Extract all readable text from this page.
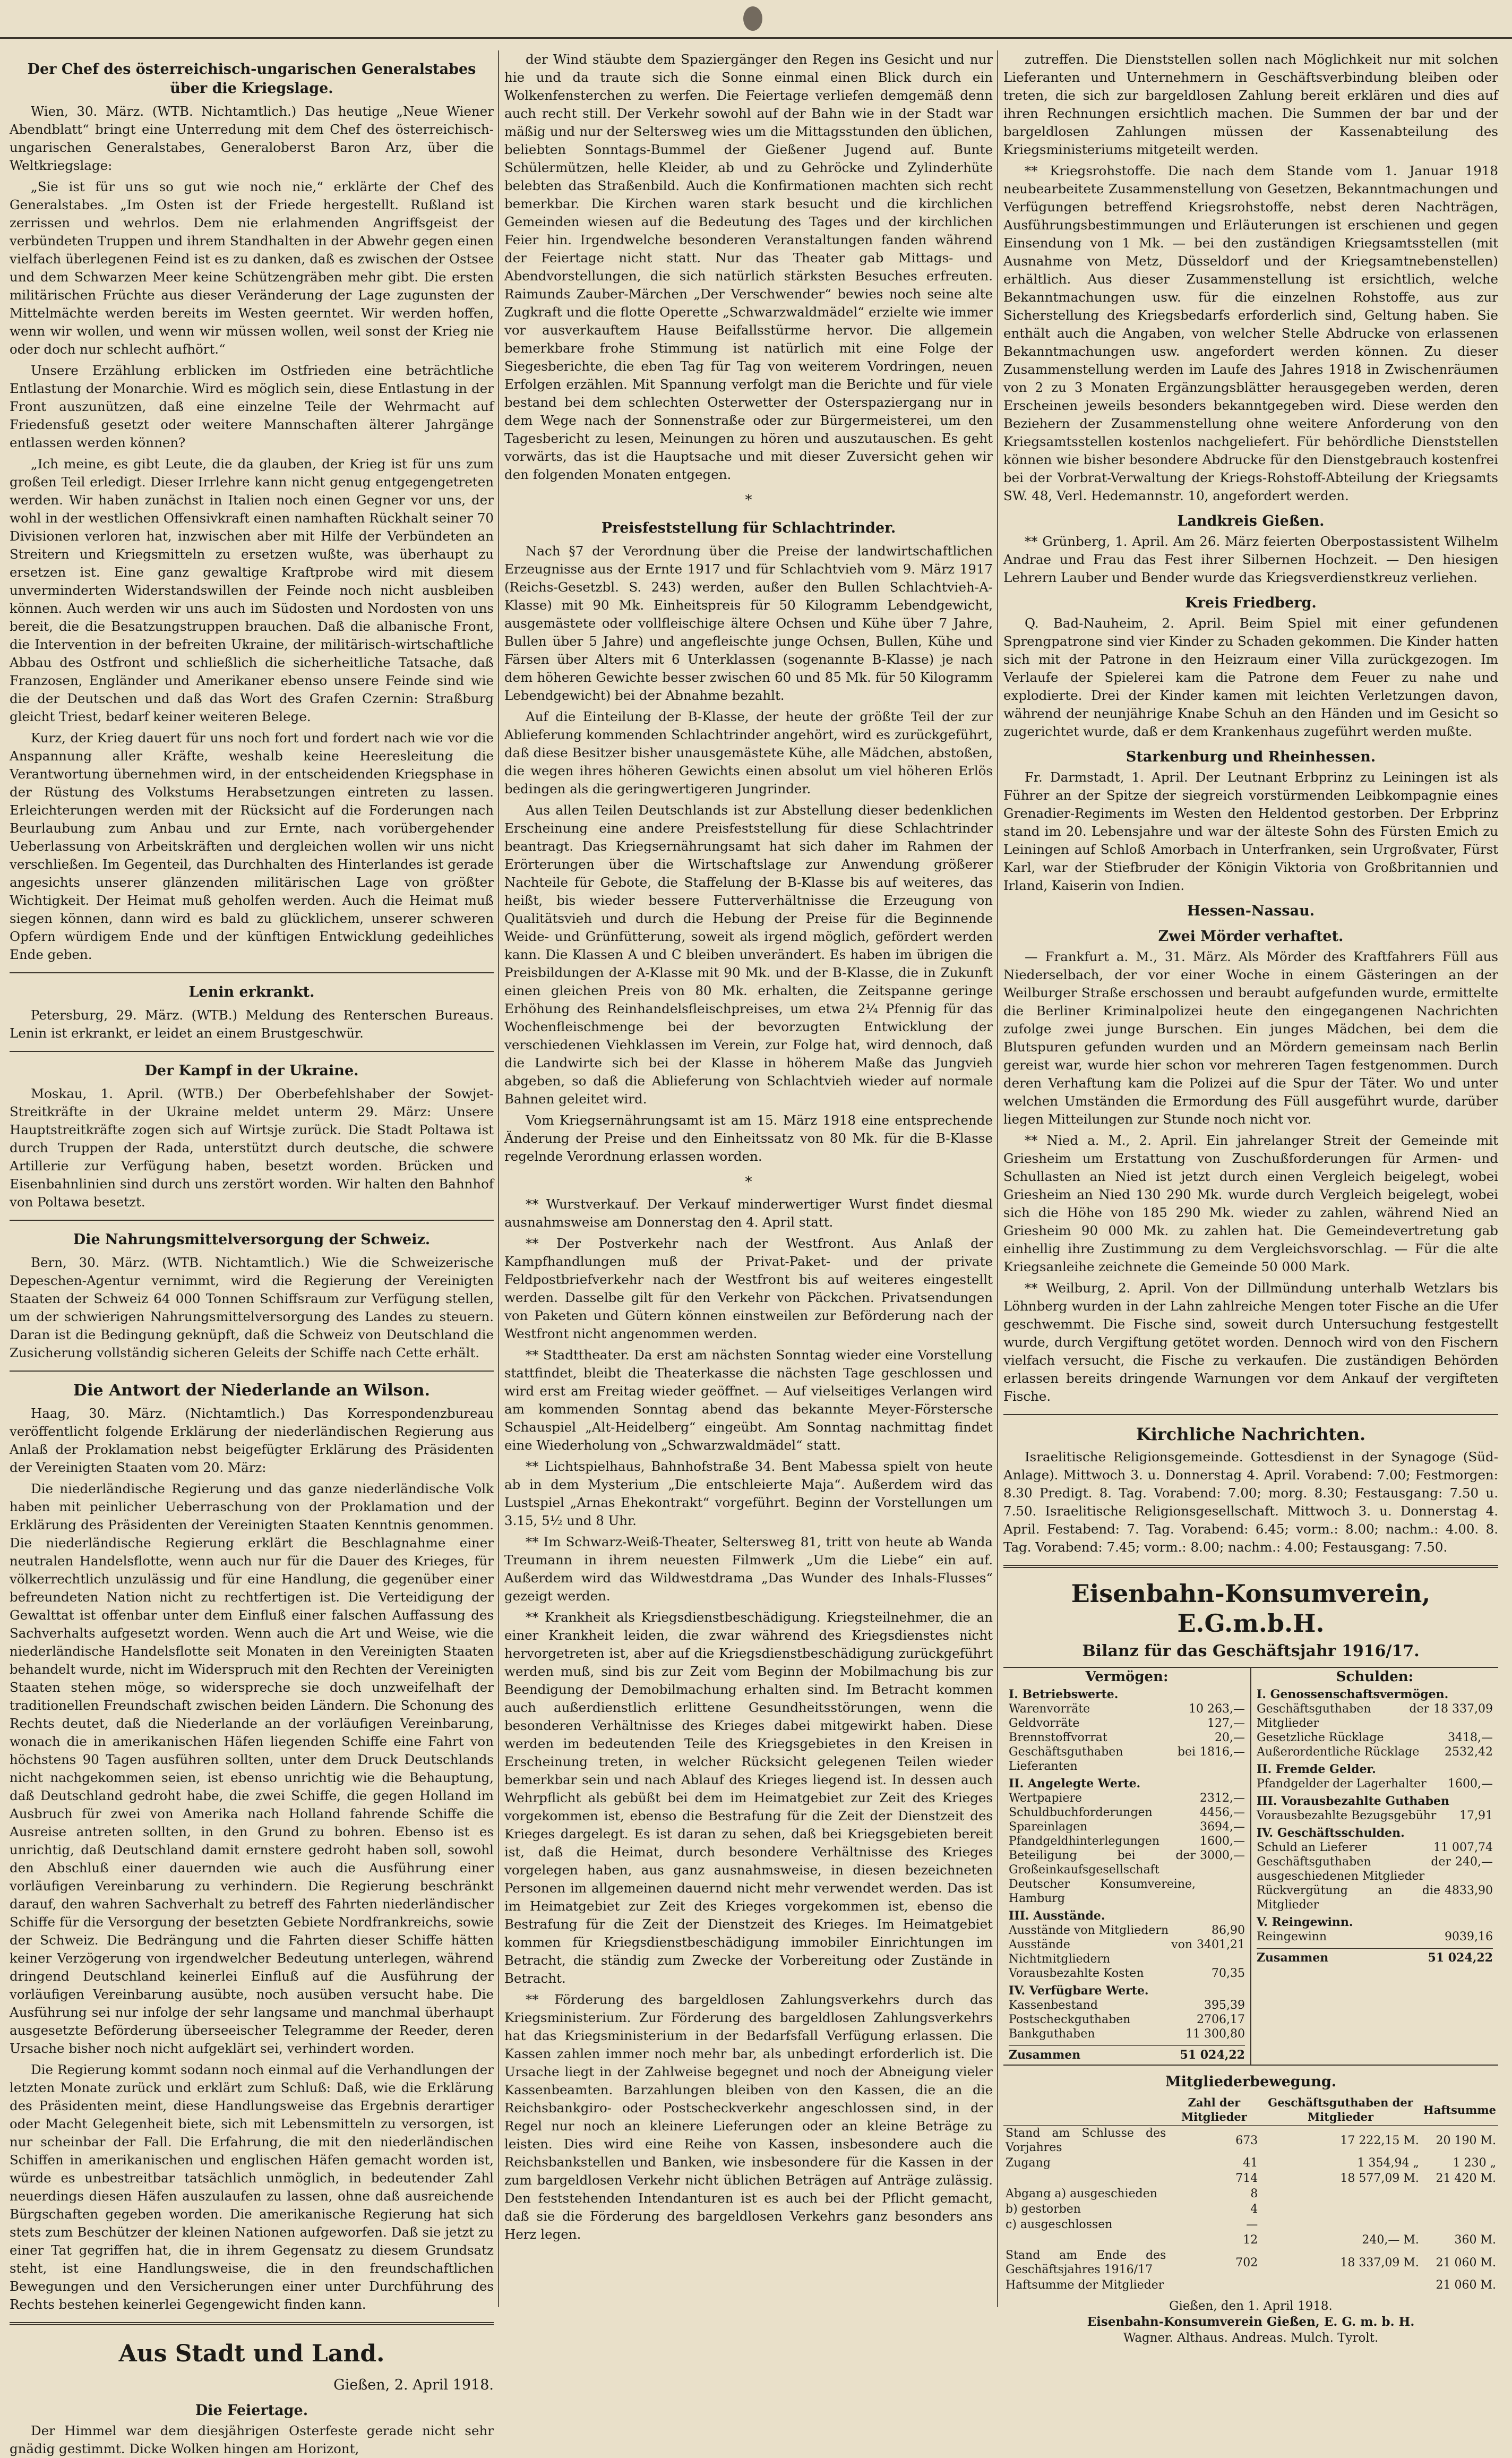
Der Chef des österreichisch-ungarischen Generalstabes über die Kriegslage.

Wien, 30. März. (WTB. Nichtamtlich.) Das heutige „Neue Wiener Abendblatt“ bringt eine Unterredung mit dem Chef des österreichisch-ungarischen Generalstabes, Generaloberst Baron Arz, über die Weltkriegslage:

„Sie ist für uns so gut wie noch nie,“ erklärte der Chef des Generalstabes. „Im Osten ist der Friede hergestellt. Rußland ist zerrissen und wehrlos. Dem nie erlahmenden Angriffsgeist der verbündeten Truppen und ihrem Standhalten in der Abwehr gegen einen vielfach überlegenen Feind ist es zu danken, daß es zwischen der Ostsee und dem Schwarzen Meer keine Schützengräben mehr gibt. Die ersten militärischen Früchte aus dieser Veränderung der Lage zugunsten der Mittelmächte werden bereits im Westen geerntet. Wir werden hoffen, wenn wir wollen, und wenn wir müssen wollen, weil sonst der Krieg nie oder doch nur schlecht aufhört.“

Unsere Erzählung erblicken im Ostfrieden eine beträchtliche Entlastung der Monarchie. Wird es möglich sein, diese Entlastung in der Front auszunützen, daß eine einzelne Teile der Wehrmacht auf Friedensfuß gesetzt oder weitere Mannschaften älterer Jahrgänge entlassen werden können?

„Ich meine, es gibt Leute, die da glauben, der Krieg ist für uns zum großen Teil erledigt. Dieser Irrlehre kann nicht genug entgegengetreten werden. Wir haben zunächst in Italien noch einen Gegner vor uns, der wohl in der westlichen Offensivkraft einen namhaften Rückhalt seiner 70 Divisionen verloren hat, inzwischen aber mit Hilfe der Verbündeten an Streitern und Kriegsmitteln zu ersetzen wußte, was überhaupt zu ersetzen ist. Eine ganz gewaltige Kraftprobe wird mit diesem unverminderten Widerstandswillen der Feinde noch nicht ausbleiben können. Auch werden wir uns auch im Südosten und Nordosten von uns bereit, die die Besatzungstruppen brauchen. Daß die albanische Front, die Intervention in der befreiten Ukraine, der militärisch-wirtschaftliche Abbau des Ostfront und schließlich die sicherheitliche Tatsache, daß Franzosen, Engländer und Amerikaner ebenso unsere Feinde sind wie die der Deutschen und daß das Wort des Grafen Czernin: Straßburg gleicht Triest, bedarf keiner weiteren Belege.

Kurz, der Krieg dauert für uns noch fort und fordert nach wie vor die Anspannung aller Kräfte, weshalb keine Heeresleitung die Verantwortung übernehmen wird, in der entscheidenden Kriegsphase in der Rüstung des Volkstums Herabsetzungen eintreten zu lassen. Erleichterungen werden mit der Rücksicht auf die Forderungen nach Beurlaubung zum Anbau und zur Ernte, nach vorübergehender Ueberlassung von Arbeitskräften und dergleichen wollen wir uns nicht verschließen. Im Gegenteil, das Durchhalten des Hinterlandes ist gerade angesichts unserer glänzenden militärischen Lage von größter Wichtigkeit. Der Heimat muß geholfen werden. Auch die Heimat muß siegen können, dann wird es bald zu glücklichem, unserer schweren Opfern würdigem Ende und der künftigen Entwicklung gedeihliches Ende geben.

Lenin erkrankt.

Petersburg, 29. März. (WTB.) Meldung des Renterschen Bureaus. Lenin ist erkrankt, er leidet an einem Brustgeschwür.

Der Kampf in der Ukraine.

Moskau, 1. April. (WTB.) Der Oberbefehlshaber der Sowjet-Streitkräfte in der Ukraine meldet unterm 29. März: Unsere Hauptstreitkräfte zogen sich auf Wirtsje zurück. Die Stadt Poltawa ist durch Truppen der Rada, unterstützt durch deutsche, die schwere Artillerie zur Verfügung haben, besetzt worden. Brücken und Eisenbahnlinien sind durch uns zerstört worden. Wir halten den Bahnhof von Poltawa besetzt.

Die Nahrungsmittelversorgung der Schweiz.

Bern, 30. März. (WTB. Nichtamtlich.) Wie die Schweizerische Depeschen-Agentur vernimmt, wird die Regierung der Vereinigten Staaten der Schweiz 64 000 Tonnen Schiffsraum zur Verfügung stellen, um der schwierigen Nahrungsmittelversorgung des Landes zu steuern. Daran ist die Bedingung geknüpft, daß die Schweiz von Deutschland die Zusicherung vollständig sicheren Geleits der Schiffe nach Cette erhält.

Die Antwort der Niederlande an Wilson.

Haag, 30. März. (Nichtamtlich.) Das Korrespondenzbureau veröffentlicht folgende Erklärung der niederländischen Regierung aus Anlaß der Proklamation nebst beigefügter Erklärung des Präsidenten der Vereinigten Staaten vom 20. März:

Die niederländische Regierung und das ganze niederländische Volk haben mit peinlicher Ueberraschung von der Proklamation und der Erklärung des Präsidenten der Vereinigten Staaten Kenntnis genommen. Die niederländische Regierung erklärt die Beschlagnahme einer neutralen Handelsflotte, wenn auch nur für die Dauer des Krieges, für völkerrechtlich unzulässig und für eine Handlung, die gegenüber einer befreundeten Nation nicht zu rechtfertigen ist. Die Verteidigung der Gewalttat ist offenbar unter dem Einfluß einer falschen Auffassung des Sachverhalts aufgesetzt worden. Wenn auch die Art und Weise, wie die niederländische Handelsflotte seit Monaten in den Vereinigten Staaten behandelt wurde, nicht im Widerspruch mit den Rechten der Vereinigten Staaten stehen möge, so widerspreche sie doch unzweifelhaft der traditionellen Freundschaft zwischen beiden Ländern. Die Schonung des Rechts deutet, daß die Niederlande an der vorläufigen Vereinbarung, wonach die in amerikanischen Häfen liegenden Schiffe eine Fahrt von höchstens 90 Tagen ausführen sollten, unter dem Druck Deutschlands nicht nachgekommen seien, ist ebenso unrichtig wie die Behauptung, daß Deutschland gedroht habe, die zwei Schiffe, die gegen Holland im Ausbruch für zwei von Amerika nach Holland fahrende Schiffe die Ausreise antreten sollten, in den Grund zu bohren. Ebenso ist es unrichtig, daß Deutschland damit ernstere gedroht haben soll, sowohl den Abschluß einer dauernden wie auch die Ausführung einer vorläufigen Vereinbarung zu verhindern. Die Regierung beschränkt darauf, den wahren Sachverhalt zu betreff des Fahrten niederländischer Schiffe für die Versorgung der besetzten Gebiete Nordfrankreichs, sowie der Schweiz. Die Bedrängung und die Fahrten dieser Schiffe hätten keiner Verzögerung von irgendwelcher Bedeutung unterlegen, während dringend Deutschland keinerlei Einfluß auf die Ausführung der vorläufigen Vereinbarung ausübte, noch ausüben versucht habe. Die Ausführung sei nur infolge der sehr langsame und manchmal überhaupt ausgesetzte Beförderung überseeischer Telegramme der Reeder, deren Ursache bisher noch nicht aufgeklärt sei, verhindert worden.

Die Regierung kommt sodann noch einmal auf die Verhandlungen der letzten Monate zurück und erklärt zum Schluß: Daß, wie die Erklärung des Präsidenten meint, diese Handlungsweise das Ergebnis derartiger oder Macht Gelegenheit biete, sich mit Lebensmitteln zu versorgen, ist nur scheinbar der Fall. Die Erfahrung, die mit den niederländischen Schiffen in amerikanischen und englischen Häfen gemacht worden ist, würde es unbestreitbar tatsächlich unmöglich, in bedeutender Zahl neuerdings diesen Häfen auszulaufen zu lassen, ohne daß ausreichende Bürgschaften gegeben worden. Die amerikanische Regierung hat sich stets zum Beschützer der kleinen Nationen aufgeworfen. Daß sie jetzt zu einer Tat gegriffen hat, die in ihrem Gegensatz zu diesem Grundsatz steht, ist eine Handlungsweise, die in den freundschaftlichen Bewegungen und den Versicherungen einer unter Durchführung des Rechts bestehen keinerlei Gegengewicht finden kann.

Aus Stadt und Land.
Gießen, 2. April 1918.
Die Feiertage.

Der Himmel war dem diesjährigen Osterfeste gerade nicht sehr gnädig gestimmt. Dicke Wolken hingen am Horizont,

der Wind stäubte dem Spaziergänger den Regen ins Gesicht und nur hie und da traute sich die Sonne einmal einen Blick durch ein Wolkenfensterchen zu werfen. Die Feiertage verliefen demgemäß denn auch recht still. Der Verkehr sowohl auf der Bahn wie in der Stadt war mäßig und nur der Seltersweg wies um die Mittagsstunden den üblichen, beliebten Sonntags-Bummel der Gießener Jugend auf. Bunte Schülermützen, helle Kleider, ab und zu Gehröcke und Zylinderhüte belebten das Straßenbild. Auch die Konfirmationen machten sich recht bemerkbar. Die Kirchen waren stark besucht und die kirchlichen Gemeinden wiesen auf die Bedeutung des Tages und der kirchlichen Feier hin. Irgendwelche besonderen Veranstaltungen fanden während der Feiertage nicht statt. Nur das Theater gab Mittags- und Abendvorstellungen, die sich natürlich stärksten Besuches erfreuten. Raimunds Zauber-Märchen „Der Verschwender“ bewies noch seine alte Zugkraft und die flotte Operette „Schwarzwaldmädel“ erzielte wie immer vor ausverkauftem Hause Beifallsstürme hervor. Die allgemein bemerkbare frohe Stimmung ist natürlich mit eine Folge der Siegesberichte, die eben Tag für Tag von weiterem Vordringen, neuen Erfolgen erzählen. Mit Spannung verfolgt man die Berichte und für viele bestand bei dem schlechten Osterwetter der Osterspaziergang nur in dem Wege nach der Sonnenstraße oder zur Bürgermeisterei, um den Tagesbericht zu lesen, Meinungen zu hören und auszutauschen. Es geht vorwärts, das ist die Hauptsache und mit dieser Zuversicht gehen wir den folgenden Monaten entgegen.

*
Preisfeststellung für Schlachtrinder.

Nach §7 der Verordnung über die Preise der landwirtschaftlichen Erzeugnisse aus der Ernte 1917 und für Schlachtvieh vom 9. März 1917 (Reichs-Gesetzbl. S. 243) werden, außer den Bullen Schlachtvieh-A-Klasse) mit 90 Mk. Einheitspreis für 50 Kilogramm Lebendgewicht, ausgemästete oder vollfleischige ältere Ochsen und Kühe über 7 Jahre, Bullen über 5 Jahre) und angefleischte junge Ochsen, Bullen, Kühe und Färsen über Alters mit 6 Unterklassen (sogenannte B-Klasse) je nach dem höheren Gewichte besser zwischen 60 und 85 Mk. für 50 Kilogramm Lebendgewicht) bei der Abnahme bezahlt.

Auf die Einteilung der B-Klasse, der heute der größte Teil der zur Ablieferung kommenden Schlachtrinder angehört, wird es zurückgeführt, daß diese Besitzer bisher unausgemästete Kühe, alle Mädchen, abstoßen, die wegen ihres höheren Gewichts einen absolut um viel höheren Erlös bedingen als die geringwertigeren Jungrinder.

Aus allen Teilen Deutschlands ist zur Abstellung dieser bedenklichen Erscheinung eine andere Preisfeststellung für diese Schlachtrinder beantragt. Das Kriegsernährungsamt hat sich daher im Rahmen der Erörterungen über die Wirtschaftslage zur Anwendung größerer Nachteile für Gebote, die Staffelung der B-Klasse bis auf weiteres, das heißt, bis wieder bessere Futterverhältnisse die Erzeugung von Qualitätsvieh und durch die Hebung der Preise für die Beginnende Weide- und Grünfütterung, soweit als irgend möglich, gefördert werden kann. Die Klassen A und C bleiben unverändert. Es haben im übrigen die Preisbildungen der A-Klasse mit 90 Mk. und der B-Klasse, die in Zukunft einen gleichen Preis von 80 Mk. erhalten, die Zeitspanne geringe Erhöhung des Reinhandelsfleischpreises, um etwa 2¼ Pfennig für das Wochenfleischmenge bei der bevorzugten Entwicklung der verschiedenen Viehklassen im Verein, zur Folge hat, wird dennoch, daß die Landwirte sich bei der Klasse in höherem Maße das Jungvieh abgeben, so daß die Ablieferung von Schlachtvieh wieder auf normale Bahnen geleitet wird.

Vom Kriegsernährungsamt ist am 15. März 1918 eine entsprechende Änderung der Preise und den Einheitssatz von 80 Mk. für die B-Klasse regelnde Verordnung erlassen worden.

*

** Wurstverkauf. Der Verkauf minderwertiger Wurst findet diesmal ausnahmsweise am Donnerstag den 4. April statt.

** Der Postverkehr nach der Westfront. Aus Anlaß der Kampfhandlungen muß der Privat-Paket- und der private Feldpostbriefverkehr nach der Westfront bis auf weiteres eingestellt werden. Dasselbe gilt für den Verkehr von Päckchen. Privatsendungen von Paketen und Gütern können einstweilen zur Beförderung nach der Westfront nicht angenommen werden.

** Stadttheater. Da erst am nächsten Sonntag wieder eine Vorstellung stattfindet, bleibt die Theaterkasse die nächsten Tage geschlossen und wird erst am Freitag wieder geöffnet. — Auf vielseitiges Verlangen wird am kommenden Sonntag abend das bekannte Meyer-Förstersche Schauspiel „Alt-Heidelberg“ eingeübt. Am Sonntag nachmittag findet eine Wiederholung von „Schwarzwaldmädel“ statt.

** Lichtspielhaus, Bahnhofstraße 34. Bent Mabessa spielt von heute ab in dem Mysterium „Die entschleierte Maja“. Außerdem wird das Lustspiel „Arnas Ehekontrakt“ vorgeführt. Beginn der Vorstellungen um 3.15, 5½ und 8 Uhr.

** Im Schwarz-Weiß-Theater, Seltersweg 81, tritt von heute ab Wanda Treumann in ihrem neuesten Filmwerk „Um die Liebe“ ein auf. Außerdem wird das Wildwestdrama „Das Wunder des Inhals-Flusses“ gezeigt werden.

** Krankheit als Kriegsdienstbeschädigung. Kriegsteilnehmer, die an einer Krankheit leiden, die zwar während des Kriegsdienstes nicht hervorgetreten ist, aber auf die Kriegsdienstbeschädigung zurückgeführt werden muß, sind bis zur Zeit vom Beginn der Mobilmachung bis zur Beendigung der Demobilmachung erhalten sind. Im Betracht kommen auch außerdienstlich erlittene Gesundheitsstörungen, wenn die besonderen Verhältnisse des Krieges dabei mitgewirkt haben. Diese werden im bedeutenden Teile des Kriegsgebietes in den Kreisen in Erscheinung treten, in welcher Rücksicht gelegenen Teilen wieder bemerkbar sein und nach Ablauf des Krieges liegend ist. In dessen auch Wehrpflicht als gebüßt bei dem im Heimatgebiet zur Zeit des Krieges vorgekommen ist, ebenso die Bestrafung für die Zeit der Dienstzeit des Krieges dargelegt. Es ist daran zu sehen, daß bei Kriegsgebieten bereit ist, daß die Heimat, durch besondere Verhältnisse des Krieges vorgelegen haben, aus ganz ausnahmsweise, in diesen bezeichneten Personen im allgemeinen dauernd nicht mehr verwendet werden. Das ist im Heimatgebiet zur Zeit des Krieges vorgekommen ist, ebenso die Bestrafung für die Zeit der Dienstzeit des Krieges. Im Heimatgebiet kommen für Kriegsdienstbeschädigung immobiler Einrichtungen im Betracht, die ständig zum Zwecke der Vorbereitung oder Zustände in Betracht.

** Förderung des bargeldlosen Zahlungsverkehrs durch das Kriegsministerium. Zur Förderung des bargeldlosen Zahlungsverkehrs hat das Kriegsministerium in der Bedarfsfall Verfügung erlassen. Die Kassen zahlen immer noch mehr bar, als unbedingt erforderlich ist. Die Ursache liegt in der Zahlweise begegnet und noch der Abneigung vieler Kassenbeamten. Barzahlungen bleiben von den Kassen, die an die Reichsbankgiro- oder Postscheckverkehr angeschlossen sind, in der Regel nur noch an kleinere Lieferungen oder an kleine Beträge zu leisten. Dies wird eine Reihe von Kassen, insbesondere auch die Reichsbankstellen und Banken, wie insbesondere für die Kassen in der zum bargeldlosen Verkehr nicht üblichen Beträgen auf Anträge zulässig. Den feststehenden Intendanturen ist es auch bei der Pflicht gemacht, daß sie die Förderung des bargeldlosen Verkehrs ganz besonders ans Herz legen.

zutreffen. Die Dienststellen sollen nach Möglichkeit nur mit solchen Lieferanten und Unternehmern in Geschäftsverbindung bleiben oder treten, die sich zur bargeldlosen Zahlung bereit erklären und dies auf ihren Rechnungen ersichtlich machen. Die Summen der bar und der bargeldlosen Zahlungen müssen der Kassenabteilung des Kriegsministeriums mitgeteilt werden.

** Kriegsrohstoffe. Die nach dem Stande vom 1. Januar 1918 neubearbeitete Zusammenstellung von Gesetzen, Bekanntmachungen und Verfügungen betreffend Kriegsrohstoffe, nebst deren Nachträgen, Ausführungsbestimmungen und Erläuterungen ist erschienen und gegen Einsendung von 1 Mk. — bei den zuständigen Kriegsamtsstellen (mit Ausnahme von Metz, Düsseldorf und der Kriegsamtnebenstellen) erhältlich. Aus dieser Zusammenstellung ist ersichtlich, welche Bekanntmachungen usw. für die einzelnen Rohstoffe, aus zur Sicherstellung des Kriegsbedarfs erforderlich sind, Geltung haben. Sie enthält auch die Angaben, von welcher Stelle Abdrucke von erlassenen Bekanntmachungen usw. angefordert werden können. Zu dieser Zusammenstellung werden im Laufe des Jahres 1918 in Zwischenräumen von 2 zu 3 Monaten Ergänzungsblätter herausgegeben werden, deren Erscheinen jeweils besonders bekanntgegeben wird. Diese werden den Beziehern der Zusammenstellung ohne weitere Anforderung von den Kriegsamtsstellen kostenlos nachgeliefert. Für behördliche Dienststellen können wie bisher besondere Abdrucke für den Dienstgebrauch kostenfrei bei der Vorbrat-Verwaltung der Kriegs-Rohstoff-Abteilung der Kriegsamts SW. 48, Verl. Hedemannstr. 10, angefordert werden.

Landkreis Gießen.

** Grünberg, 1. April. Am 26. März feierten Oberpostassistent Wilhelm Andrae und Frau das Fest ihrer Silbernen Hochzeit. — Den hiesigen Lehrern Lauber und Bender wurde das Kriegsverdienstkreuz verliehen.

Kreis Friedberg.

Q. Bad-Nauheim, 2. April. Beim Spiel mit einer gefundenen Sprengpatrone sind vier Kinder zu Schaden gekommen. Die Kinder hatten sich mit der Patrone in den Heizraum einer Villa zurückgezogen. Im Verlaufe der Spielerei kam die Patrone dem Feuer zu nahe und explodierte. Drei der Kinder kamen mit leichten Verletzungen davon, während der neunjährige Knabe Schuh an den Händen und im Gesicht so zugerichtet wurde, daß er dem Krankenhaus zugeführt werden mußte.

Starkenburg und Rheinhessen.

Fr. Darmstadt, 1. April. Der Leutnant Erbprinz zu Leiningen ist als Führer an der Spitze der siegreich vorstürmenden Leibkompagnie eines Grenadier-Regiments im Westen den Heldentod gestorben. Der Erbprinz stand im 20. Lebensjahre und war der älteste Sohn des Fürsten Emich zu Leiningen auf Schloß Amorbach in Unterfranken, sein Urgroßvater, Fürst Karl, war der Stiefbruder der Königin Viktoria von Großbritannien und Irland, Kaiserin von Indien.

Hessen-Nassau.
Zwei Mörder verhaftet.

— Frankfurt a. M., 31. März. Als Mörder des Kraftfahrers Füll aus Niederselbach, der vor einer Woche in einem Gästeringen an der Weilburger Straße erschossen und beraubt aufgefunden wurde, ermittelte die Berliner Kriminalpolizei heute den eingegangenen Nachrichten zufolge zwei junge Burschen. Ein junges Mädchen, bei dem die Blutspuren gefunden wurden und an Mördern gemeinsam nach Berlin gereist war, wurde hier schon vor mehreren Tagen festgenommen. Durch deren Verhaftung kam die Polizei auf die Spur der Täter. Wo und unter welchen Umständen die Ermordung des Füll ausgeführt wurde, darüber liegen Mitteilungen zur Stunde noch nicht vor.

** Nied a. M., 2. April. Ein jahrelanger Streit der Gemeinde mit Griesheim um Erstattung von Zuschußforderungen für Armen- und Schullasten an Nied ist jetzt durch einen Vergleich beigelegt, wobei Griesheim an Nied 130 290 Mk. wurde durch Vergleich beigelegt, wobei sich die Höhe von 185 290 Mk. wieder zu zahlen, während Nied an Griesheim 90 000 Mk. zu zahlen hat. Die Gemeindevertretung gab einhellig ihre Zustimmung zu dem Vergleichsvorschlag. — Für die alte Kriegsanleihe zeichnete die Gemeinde 50 000 Mark.

** Weilburg, 2. April. Von der Dillmündung unterhalb Wetzlars bis Löhnberg wurden in der Lahn zahlreiche Mengen toter Fische an die Ufer geschwemmt. Die Fische sind, soweit durch Untersuchung festgestellt wurde, durch Vergiftung getötet worden. Dennoch wird von den Fischern vielfach versucht, die Fische zu verkaufen. Die zuständigen Behörden erlassen bereits dringende Warnungen vor dem Ankauf der vergifteten Fische.

Kirchliche Nachrichten.

Israelitische Religionsgemeinde. Gottesdienst in der Synagoge (Süd-Anlage). Mittwoch 3. u. Donnerstag 4. April. Vorabend: 7.00; Festmorgen: 8.30 Predigt. 8. Tag. Vorabend: 7.00; morg. 8.30; Festausgang: 7.50 u. 7.50. Israelitische Religionsgesellschaft. Mittwoch 3. u. Donnerstag 4. April. Festabend: 7. Tag. Vorabend: 6.45; vorm.: 8.00; nachm.: 4.00. 8. Tag. Vorabend: 7.45; vorm.: 8.00; nachm.: 4.00; Festausgang: 7.50.

Eisenbahn-Konsumverein, E.G.m.b.H.
Bilanz für das Geschäftsjahr 1916/17.
Vermögen:
I. Betriebswerte.
Warenvorräte	10 263,—
Geldvorräte	127,—
Brennstoffvorrat	20,—
Geschäftsguthaben bei Lieferanten
1816,—
II. Angelegte Werte.
Wertpapiere	2312,—
Schuldbuchforderungen	4456,—
Spareinlagen	3694,—
Pfandgeldhinterlegungen	1600,—
Beteiligung bei der Großeinkaufsgesellschaft Deutscher Konsumvereine, Hamburg
3000,—
III. Ausstände.
Ausstände von Mitgliedern	86,90
Ausstände von Nichtmitgliedern
3401,21
Vorausbezahlte Kosten	70,35
IV. Verfügbare Werte.
Kassenbestand	395,39
Postscheckguthaben	2706,17
Bankguthaben	11 300,80
Zusammen	51 024,22
Schulden:
I. Genossenschaftsvermögen.
Geschäftsguthaben der Mitglieder
18 337,09
Gesetzliche Rücklage	3418,—
Außerordentliche Rücklage	2532,42
II. Fremde Gelder.
Pfandgelder der Lagerhalter	1600,—
III. Vorausbezahlte Guthaben
Vorausbezahlte Bezugsgebühr	17,91
IV. Geschäftsschulden.
Schuld an Lieferer	11 007,74
Geschäftsguthaben der ausgeschiedenen Mitglieder
240,—
Rückvergütung an die Mitglieder
4833,90
V. Reingewinn.
Reingewinn	9039,16
Zusammen	51 024,22
Mitgliederbewegung.
	Zahl der Mitglieder	Geschäftsguthaben der Mitglieder	Haftsumme
Stand am Schlusse des Vorjahres	673	17 222,15 M.	20 190 M.
Zugang	41	1 354,94 „	1 230 „
	714	18 577,09 M.	21 420 M.
Abgang a) ausgeschieden	8		
b) gestorben	4		
c) ausgeschlossen	—		
	12	240,— M.	360 M.
Stand am Ende des Geschäftsjahres 1916/17	702	18 337,09 M.	21 060 M.
Haftsumme der Mitglieder			21 060 M.
Gießen, den 1. April 1918.
Eisenbahn-Konsumverein Gießen, E. G. m. b. H.
Wagner. Althaus. Andreas. Mulch. Tyrolt.
